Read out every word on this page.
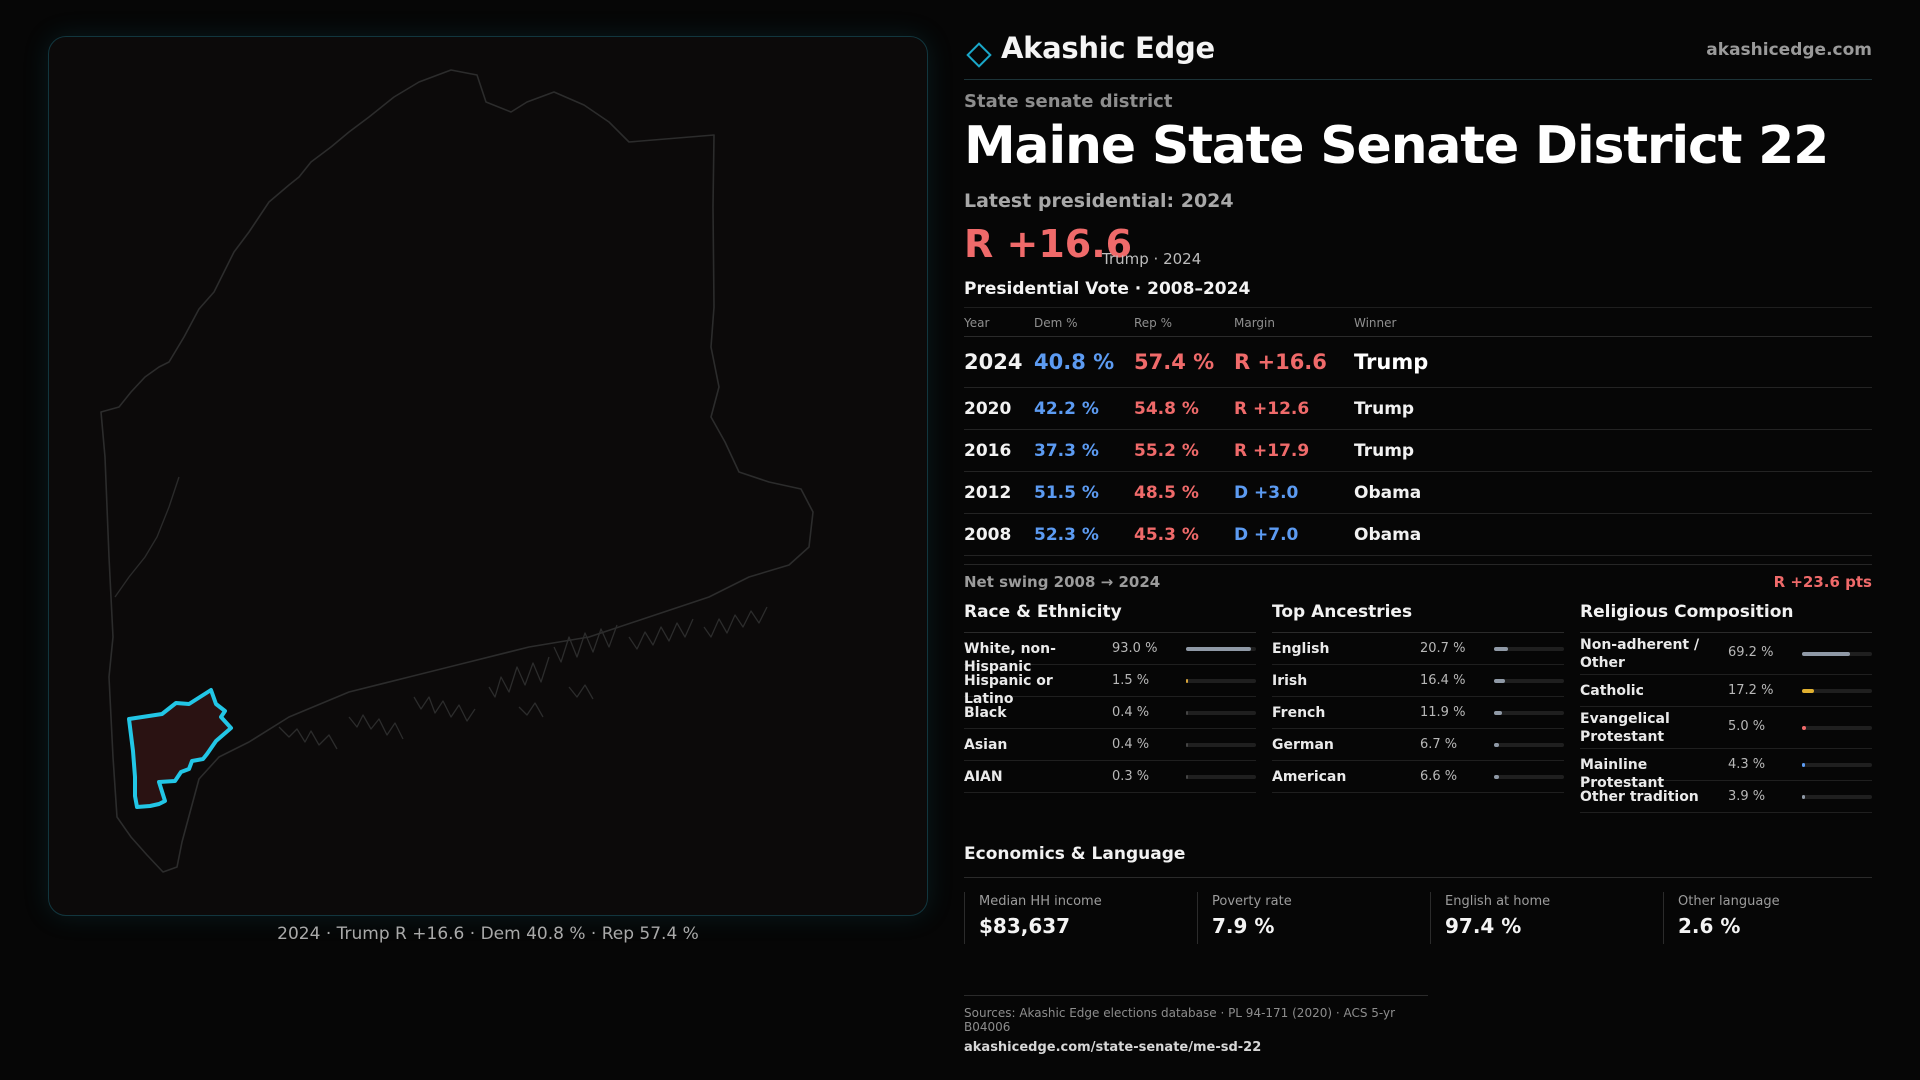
2024 · Trump R +16.6 · Dem 40.8 % · Rep 57.4 %
Akashic Edge	akashicedge.com
State senate district
Maine State Senate District 22
Latest presidential: 2024
R +16.6
Trump · 2024
Presidential Vote · 2008–2024
Year	Dem %	Rep %	Margin	Winner
2024 40.8 % 57.4 % R +16.6 Trump
2020 42.2 % 54.8 % R +12.6	Trump
2016 37.3 % 55.2 % R +17.9	Trump
2012 51.5 % 48.5 % D +3.0	Obama
2008 52.3 % 45.3 % D +7.0	Obama
Net swing 2008 → 2024	R +23.6 pts
Race & Ethnicity
White, non-Hispanic
93.0 %
Hispanic or Latino
1.5 %
Black	0.4 %
Asian	0.4 %
AIAN	0.3 %
Top Ancestries
English	20.7 %
Irish	16.4 %
French	11.9 %
German	6.7 %
American	6.6 %
Religious Composition
Non-adherent / Other
69.2 %
Catholic	17.2 %
Evangelical Protestant
5.0 %
Mainline Protestant
4.3 %
Other tradition	3.9 %
Economics & Language
Median HH income
$83,637
Poverty rate
7.9 %
English at home
97.4 %
Other language
2.6 %
Sources: Akashic Edge elections database · PL 94-171 (2020) · ACS 5-yr B04006
akashicedge.com/state-senate/me-sd-22
